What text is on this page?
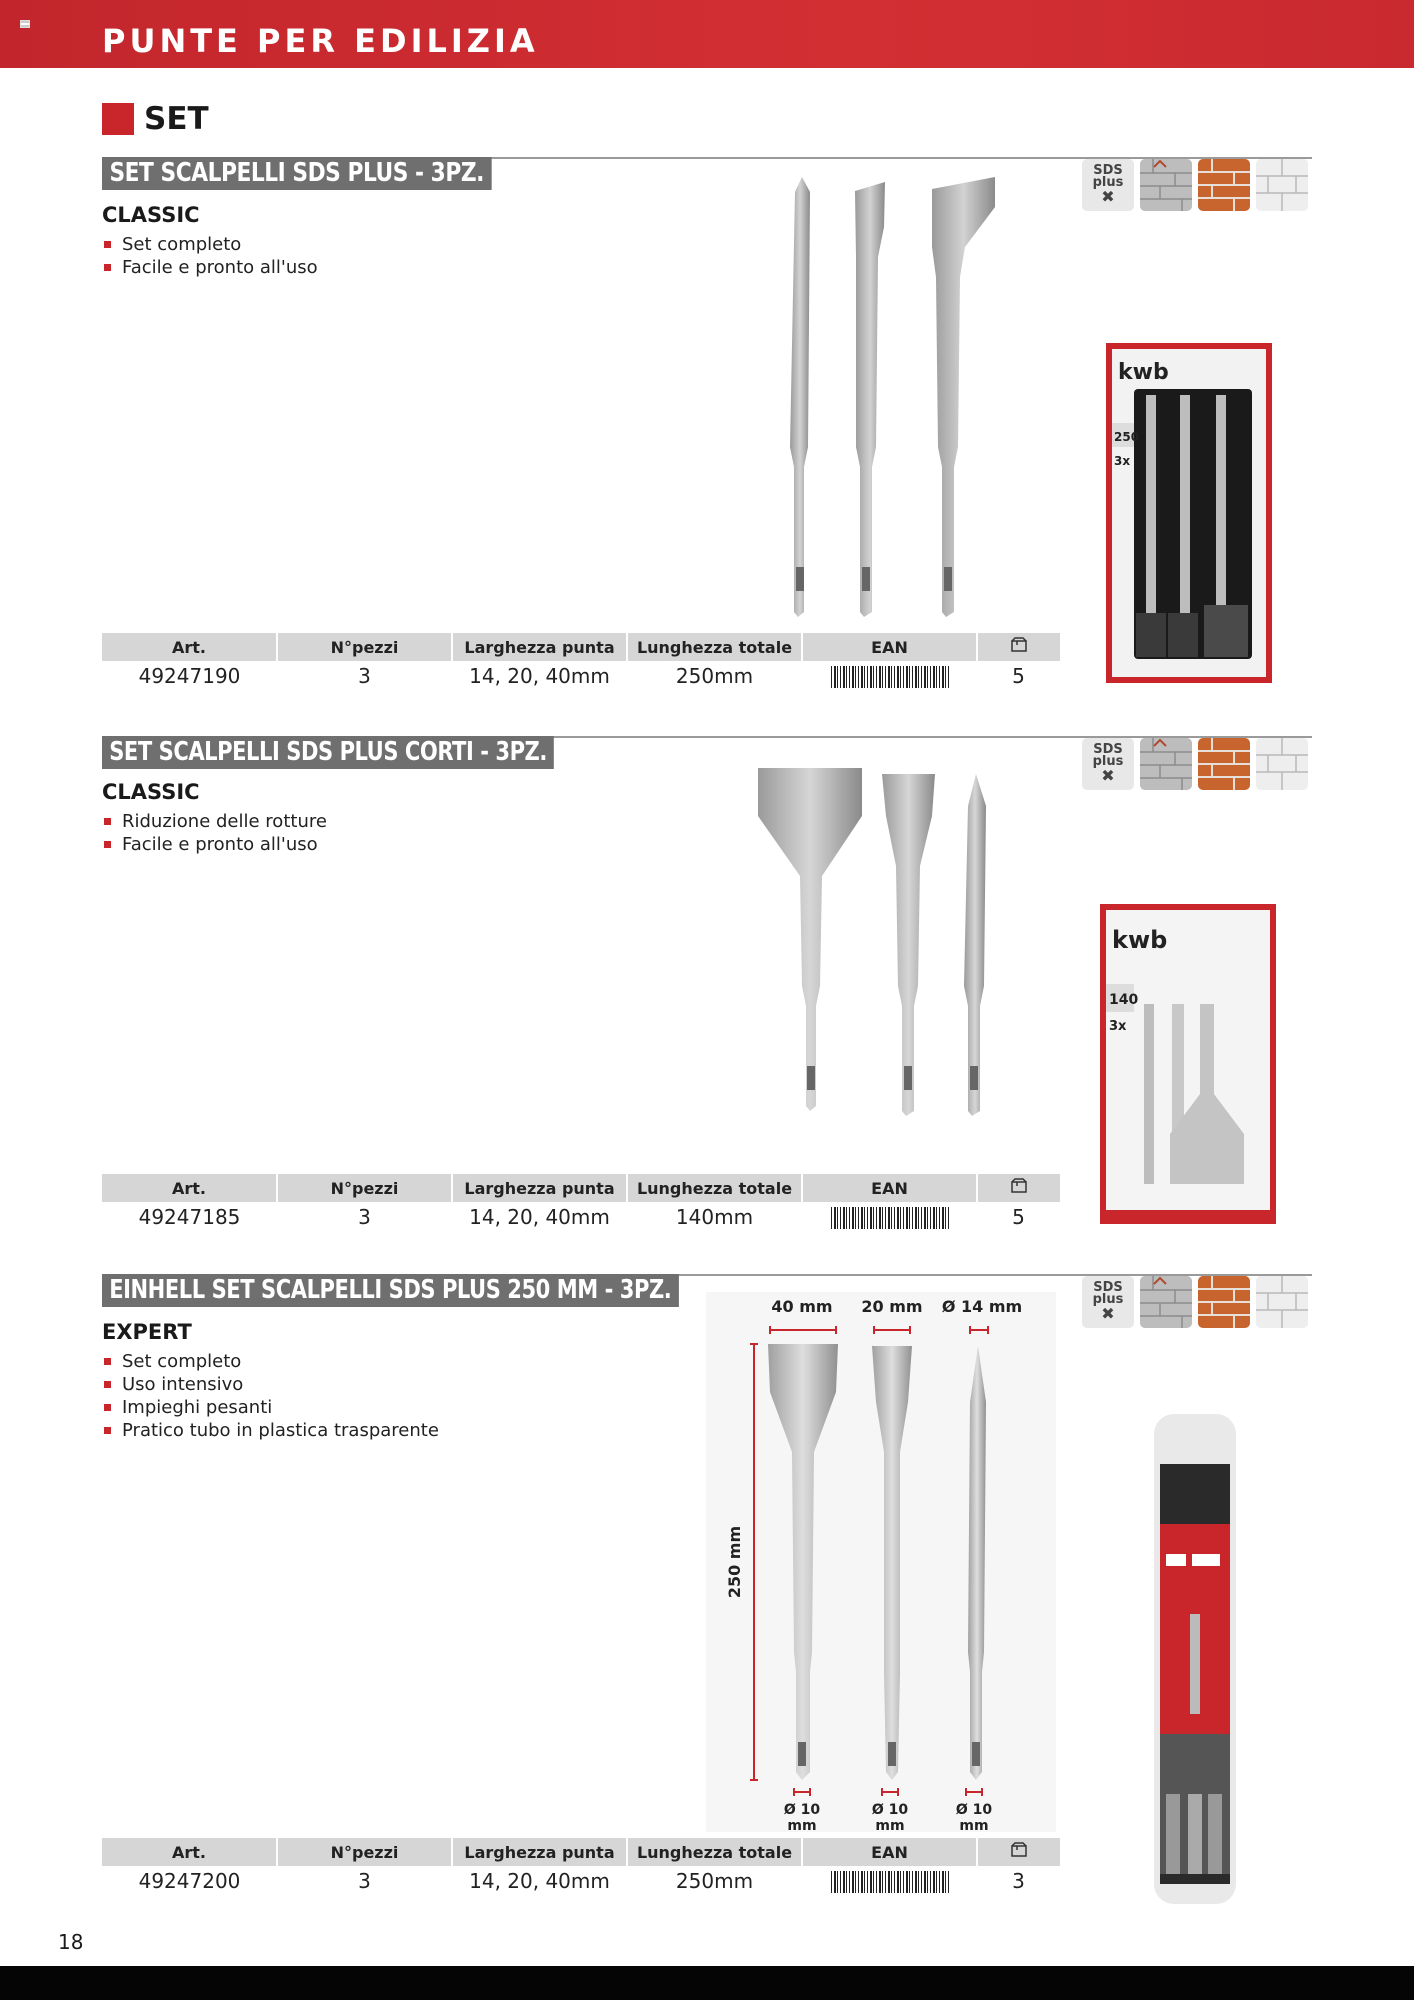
PUNTE PER EDILIZIA
SET
SET SCALPELLI SDS PLUS - 3PZ.
CLASSIC
Set completo
Facile e pronto all'uso
SDS
plus
✖
kwb
250
3x
Art.	N°pezzi	Larghezza punta	Lunghezza totale	EAN	
49247190	3	14, 20, 40mm	250mm		5
SET SCALPELLI SDS PLUS CORTI - 3PZ.
CLASSIC
Riduzione delle rotture
Facile e pronto all'uso
SDS
plus
✖
kwb
140
3x
Art.	N°pezzi	Larghezza punta	Lunghezza totale	EAN	
49247185	3	14, 20, 40mm	140mm		5
EINHELL SET SCALPELLI SDS PLUS 250 MM - 3PZ.
EXPERT
Set completo
Uso intensivo
Impieghi pesanti
Pratico tubo in plastica trasparente
SDS
plus
✖
40 mm 20 mm Ø 14 mm
250 mm
Ø 10
mm
Ø 10
mm
Ø 10
mm
Art.	N°pezzi	Larghezza punta	Lunghezza totale	EAN	
49247200	3	14, 20, 40mm	250mm		3
18
